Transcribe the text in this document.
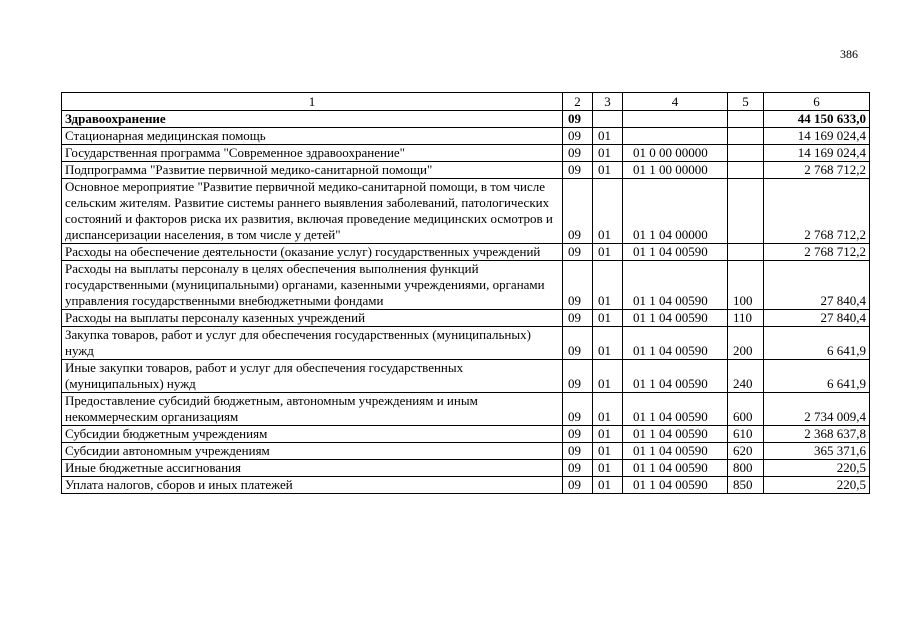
386
1	2	3	4	5	6
Здравоохранение	09				44 150 633,0
Стационарная медицинская помощь	09	01			14 169 024,4
Государственная программа "Современное здравоохранение"	09	01	01 0 00 00000		14 169 024,4
Подпрограмма "Развитие первичной медико-санитарной помощи"	09	01	01 1 00 00000		2 768 712,2
Основное мероприятие "Развитие первичной медико-санитарной помощи, в том числе сельским жителям. Развитие системы раннего выявления заболеваний, патологических состояний и факторов риска их развития, включая проведение медицинских осмотров и диспансеризации населения, в том числе у детей"	09	01	01 1 04 00000		2 768 712,2
Расходы на обеспечение деятельности (оказание услуг) государственных учреждений	09	01	01 1 04 00590		2 768 712,2
Расходы на выплаты персоналу в целях обеспечения выполнения функций государственными (муниципальными) органами, казенными учреждениями, органами управления государственными внебюджетными фондами	09	01	01 1 04 00590	100	27 840,4
Расходы на выплаты персоналу казенных учреждений	09	01	01 1 04 00590	110	27 840,4
Закупка товаров, работ и услуг для обеспечения государственных (муниципальных) нужд	09	01	01 1 04 00590	200	6 641,9
Иные закупки товаров, работ и услуг для обеспечения государственных (муниципальных) нужд	09	01	01 1 04 00590	240	6 641,9
Предоставление субсидий бюджетным, автономным учреждениям и иным некоммерческим организациям	09	01	01 1 04 00590	600	2 734 009,4
Субсидии бюджетным учреждениям	09	01	01 1 04 00590	610	2 368 637,8
Субсидии автономным учреждениям	09	01	01 1 04 00590	620	365 371,6
Иные бюджетные ассигнования	09	01	01 1 04 00590	800	220,5
Уплата налогов, сборов и иных платежей	09	01	01 1 04 00590	850	220,5
